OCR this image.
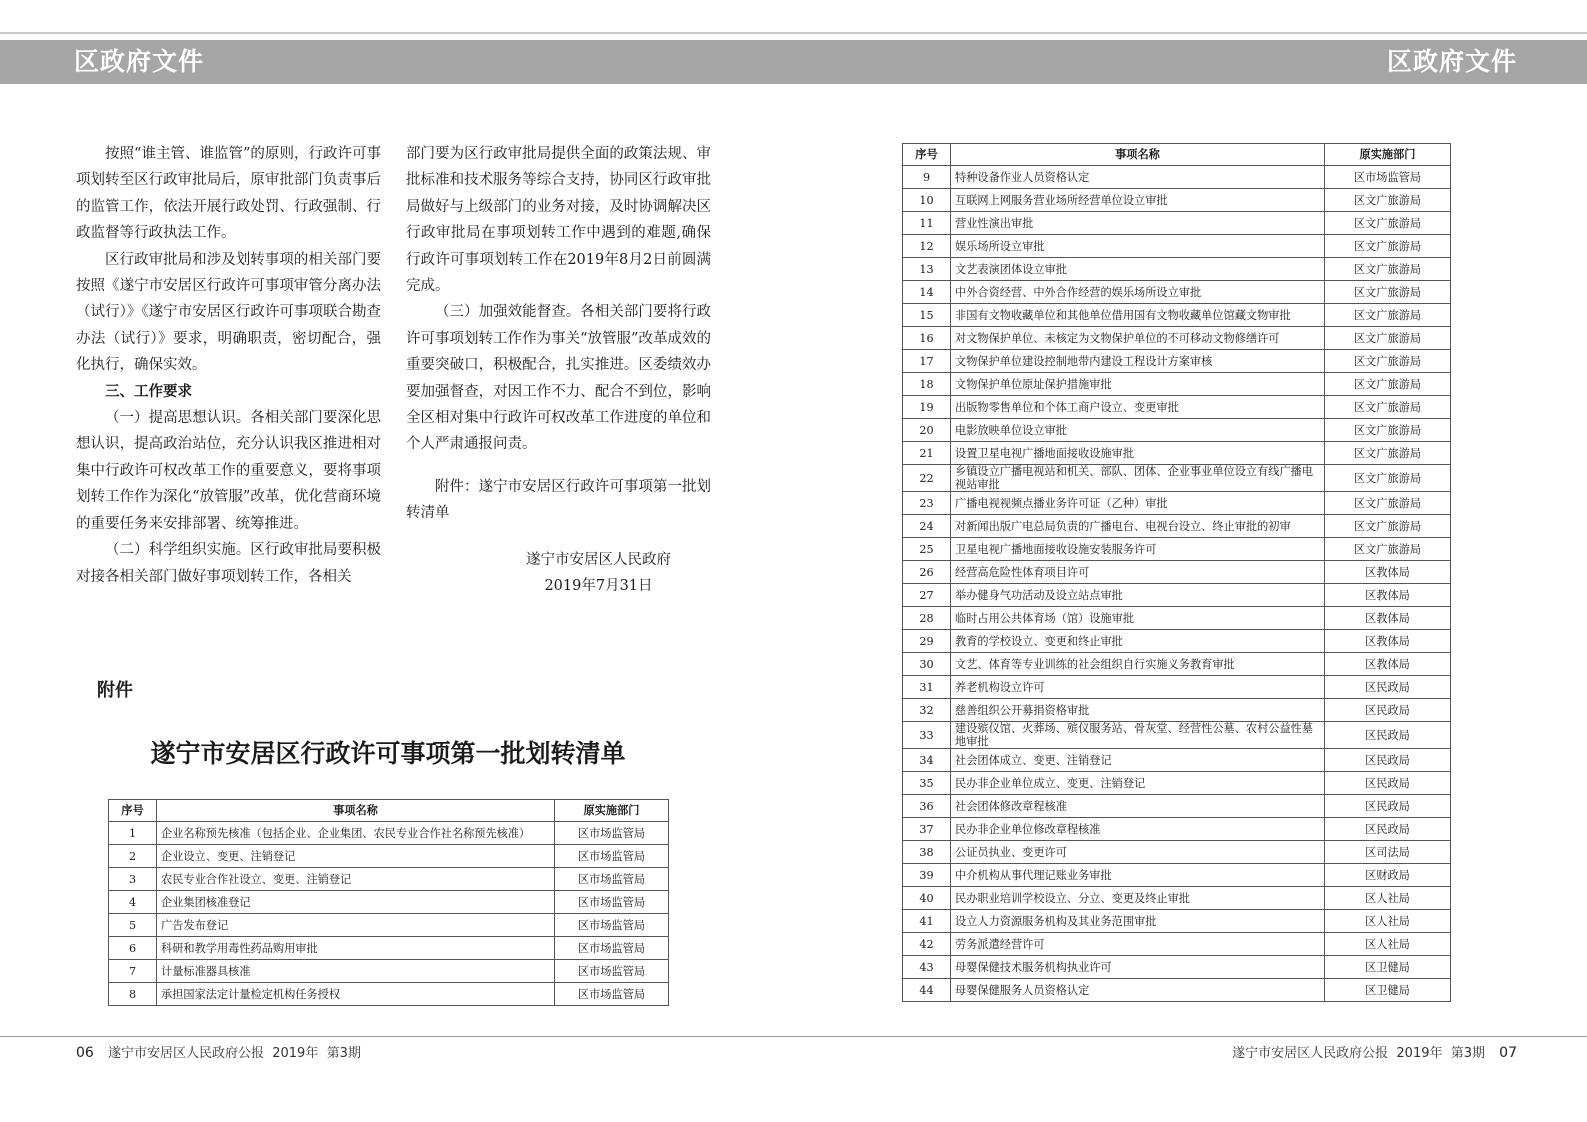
区政府文件	区政府文件

按照“谁主管、谁监管”的原则，行政许可事项划转至区行政审批局后，原审批部门负责事后的监管工作，依法开展行政处罚、行政强制、行政监督等行政执法工作。

区行政审批局和涉及划转事项的相关部门要按照《遂宁市安居区行政许可事项审管分离办法（试行）》《遂宁市安居区行政许可事项联合勘查办法（试行）》要求，明确职责，密切配合，强化执行，确保实效。

三、工作要求

（一）提高思想认识。各相关部门要深化思想认识，提高政治站位，充分认识我区推进相对集中行政许可权改革工作的重要意义，要将事项划转工作作为深化“放管服”改革，优化营商环境的重要任务来安排部署、统筹推进。

（二）科学组织实施。区行政审批局要积极对接各相关部门做好事项划转工作，各相关

部门要为区行政审批局提供全面的政策法规、审批标准和技术服务等综合支持，协同区行政审批局做好与上级部门的业务对接，及时协调解决区行政审批局在事项划转工作中遇到的难题,确保行政许可事项划转工作在2019年8月2日前圆满完成。

（三）加强效能督查。各相关部门要将行政许可事项划转工作作为事关“放管服”改革成效的重要突破口，积极配合，扎实推进。区委绩效办要加强督查，对因工作不力、配合不到位，影响全区相对集中行政许可权改革工作进度的单位和个人严肃通报问责。

附件：遂宁市安居区行政许可事项第一批划转清单

遂宁市安居区人民政府

2019年7月31日

附件
遂宁市安居区行政许可事项第一批划转清单
序号	事项名称	原实施部门
1	企业名称预先核准（包括企业、企业集团、农民专业合作社名称预先核准）	区市场监管局
2	企业设立、变更、注销登记	区市场监管局
3	农民专业合作社设立、变更、注销登记	区市场监管局
4	企业集团核准登记	区市场监管局
5	广告发布登记	区市场监管局
6	科研和教学用毒性药品购用审批	区市场监管局
7	计量标准器具核准	区市场监管局
8	承担国家法定计量检定机构任务授权	区市场监管局
序号	事项名称	原实施部门
9	特种设备作业人员资格认定	区市场监管局
10	互联网上网服务营业场所经营单位设立审批	区文广旅游局
11	营业性演出审批	区文广旅游局
12	娱乐场所设立审批	区文广旅游局
13	文艺表演团体设立审批	区文广旅游局
14	中外合资经营、中外合作经营的娱乐场所设立审批	区文广旅游局
15	非国有文物收藏单位和其他单位借用国有文物收藏单位馆藏文物审批	区文广旅游局
16	对文物保护单位、未核定为文物保护单位的不可移动文物修缮许可	区文广旅游局
17	文物保护单位建设控制地带内建设工程设计方案审核	区文广旅游局
18	文物保护单位原址保护措施审批	区文广旅游局
19	出版物零售单位和个体工商户设立、变更审批	区文广旅游局
20	电影放映单位设立审批	区文广旅游局
21	设置卫星电视广播地面接收设施审批	区文广旅游局
22	乡镇设立广播电视站和机关、部队、团体、企业事业单位设立有线广播电视站审批	区文广旅游局
23	广播电视视频点播业务许可证（乙种）审批	区文广旅游局
24	对新闻出版广电总局负责的广播电台、电视台设立、终止审批的初审	区文广旅游局
25	卫星电视广播地面接收设施安装服务许可	区文广旅游局
26	经营高危险性体育项目许可	区教体局
27	举办健身气功活动及设立站点审批	区教体局
28	临时占用公共体育场（馆）设施审批	区教体局
29	教育的学校设立、变更和终止审批	区教体局
30	文艺、体育等专业训练的社会组织自行实施义务教育审批	区教体局
31	养老机构设立许可	区民政局
32	慈善组织公开募捐资格审批	区民政局
33	建设殡仪馆、火葬场、殡仪服务站、骨灰堂、经营性公墓、农村公益性墓地审批	区民政局
34	社会团体成立、变更、注销登记	区民政局
35	民办非企业单位成立、变更、注销登记	区民政局
36	社会团体修改章程核准	区民政局
37	民办非企业单位修改章程核准	区民政局
38	公证员执业、变更许可	区司法局
39	中介机构从事代理记账业务审批	区财政局
40	民办职业培训学校设立、分立、变更及终止审批	区人社局
41	设立人力资源服务机构及其业务范围审批	区人社局
42	劳务派遣经营许可	区人社局
43	母婴保健技术服务机构执业许可	区卫健局
44	母婴保健服务人员资格认定	区卫健局
06 遂宁市安居区人民政府公报  2019年  第3期	遂宁市安居区人民政府公报  2019年  第3期 07
